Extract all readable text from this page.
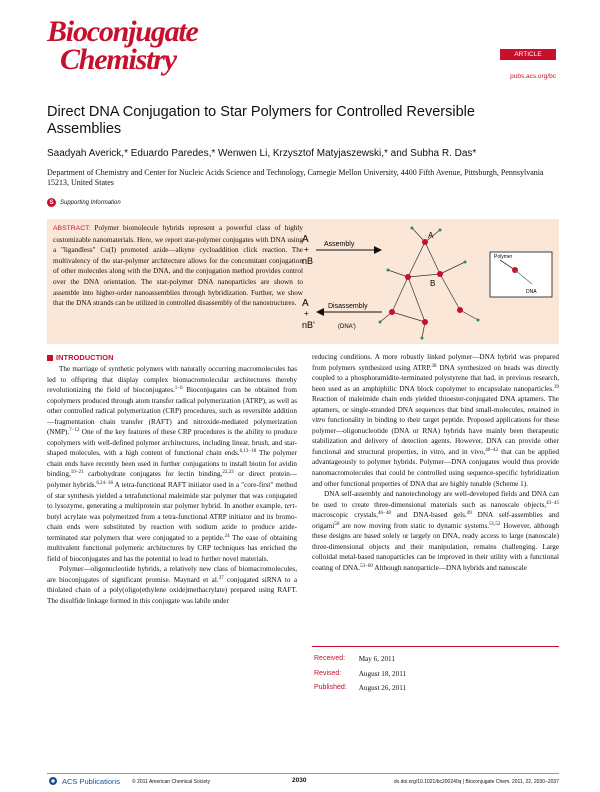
Bioconjugate
Chemistry	ARTICLE
pubs.acs.org/bc
Direct DNA Conjugation to Star Polymers for Controlled Reversible Assemblies
Saadyah Averick,* Eduardo Paredes,* Wenwen Li, Krzysztof Matyjaszewski,* and Subha R. Das*
Department of Chemistry and Center for Nucleic Acids Science and Technology, Carnegie Mellon University, 4400 Fifth Avenue, Pittsburgh, Pennsylvania 15213, United States
S	Supporting Information
ABSTRACT: Polymer biomolecule hybrids represent a powerful class of highly customizable nanomaterials. Here, we report star-polymer conjugates with DNA using a "ligandless" Cu(I) promoted azide—alkyne cycloaddition click reaction. The multivalency of the star-polymer architecture allows for the concomitant conjugation of other molecules along with the DNA, and the conjugation method provides control over the DNA orientation. The star-polymer DNA nanoparticles are shown to assemble into higher-order nanoassemblies through hybridization. Further, we show that the DNA strands can be utilized in controlled disassembly of the nanostructures.
A
+
nB
Assembly
A
+
nB'
Disassembly
(DNA')
A
B
Polymer
DNA
INTRODUCTION

The marriage of synthetic polymers with naturally occurring macromolecules has led to offspring that display complex biomacromolecular architectures thereby revolutionizing the field of bioconjugates.$^{1-6}$ Bioconjugates can be obtained from copolymers produced through atom transfer radical polymerization (ATRP), as well as other controlled radical polymerization (CRP) procedures, such as reversible addition—fragmentation chain transfer (RAFT) and nitroxide-mediated polymerization (NMP).$^{7-12}$ One of the key features of these CRP procedures is the ability to produce copolymers with well-defined polymer architectures, including linear, brush, and star-shaped molecules, with a high content of functional chain ends.$^{6,13-18}$ The polymer chain ends have recently been used in further conjugations to install biotin for avidin binding,$^{19-21}$ carbohydrate conjugates for lectin binding,$^{22,23}$ or direct protein—polymer hybrids.$^{6,24-36}$ A tetra-functional RAFT initiator used in a "core-first" method of star synthesis yielded a tetrafunctional maleimide star polymer that was conjugated to lysozyme, generating a multiprotein star polymer hybrid. In another example, tert-butyl acrylate was polymerized from a tetra-functional ATRP initiator and its bromo-chain ends were substituted by reaction with sodium azide to produce azide-terminated star polymers that were conjugated to a peptide.$^{24}$ The ease of obtaining multivalent functional polymeric architectures by CRP techniques has enriched the field of bioconjugates and has the potential to lead to further novel materials.

Polymer—oligonucleotide hybrids, a relatively new class of biomacromolecules, are bioconjugates of significant promise. Maynard et al.$^{37}$ conjugated siRNA to a thiolated chain of a poly(oligo(ethylene oxide)methacrylate) prepared using RAFT. The disulfide linkage formed in this conjugate was labile under

reducing conditions. A more robustly linked polymer—DNA hybrid was prepared from polymers synthesized using ATRP.$^{38}$ DNA synthesized on beads was directly coupled to a phosphoramidite-terminated polystyrene that had, in previous research, been used as an amphiphilic DNA block copolymer to encapsulate nanoparticles.$^{39}$ Reaction of maleimide chain ends yielded thioester-conjugated DNA aptamers. The aptamers, or single-stranded DNA sequences that bind small-molecules, retained in vitro functionality in binding to their target peptide. Proposed applications for these polymer—oligonucleotide (DNA or RNA) hybrids have mainly been therapeutic stabilization and delivery of detection agents. However, DNA can provide other functional and structural properties, in vitro, and in vivo,$^{40-42}$ that can be applied advantageously to polymer hybrids. Polymer—DNA conjugates would thus provide nanomacromolecules that could be controlled using sequence-specific hybridization and other functional properties of DNA that are highly tunable (Scheme 1).

DNA self-assembly and nanotechnology are well-developed fields and DNA can be used to create three-dimensional materials such as nanoscale objects,$^{43-45}$ macroscopic crystals,$^{46-48}$ and DNA-based gels.$^{49}$ DNA self-assemblies and origami$^{50}$ are now moving from static to dynamic systems.$^{51,52}$ However, although these designs are based solely or largely on DNA, ready access to large (nanoscale) three-dimensional objects and their manipulation, remains challenging. Large colloidal metal-based nanoparticles can be improved in their utility with a functional coating of DNA.$^{53-60}$ Although nanoparticle—DNA hybrids and nanoscale

Received:	May 6, 2011
Revised:	August 18, 2011
Published:	August 26, 2011
ACS Publications © 2011 American Chemical Society	2030	dx.doi.org/10.1021/bc200240q | Bioconjugate Chem. 2011, 22, 2030−2037
